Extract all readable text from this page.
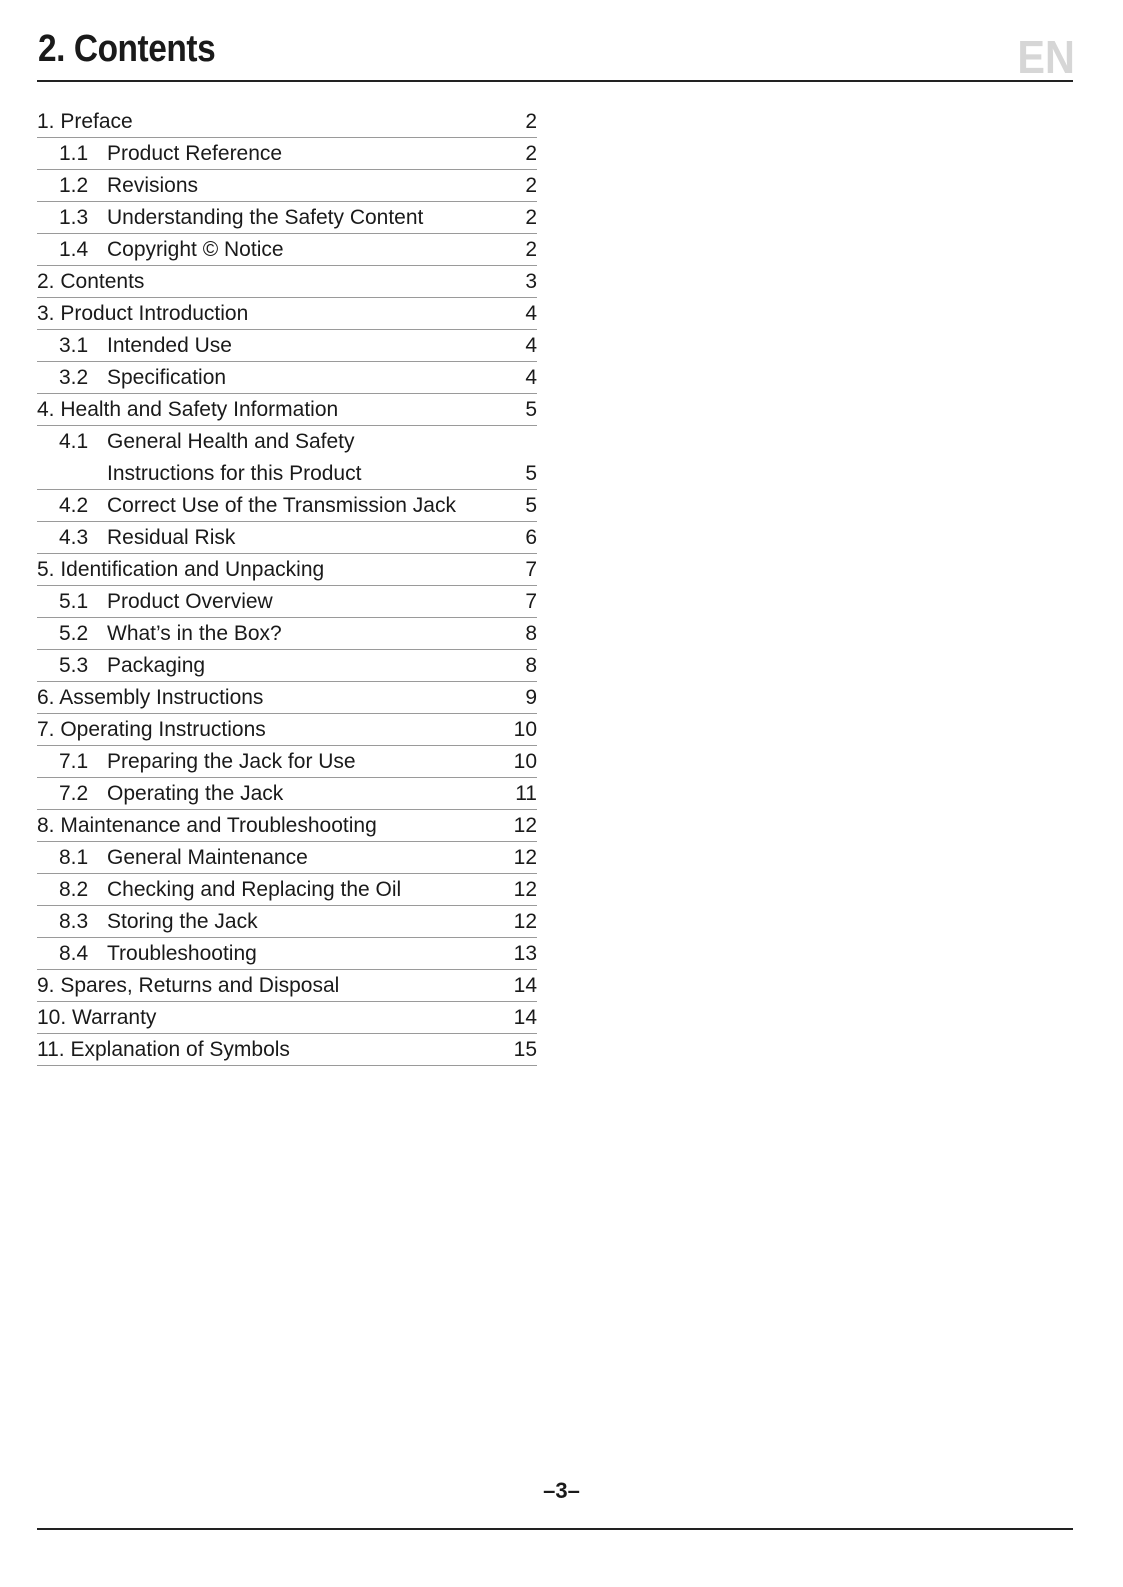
2. Contents	EN
1. Preface	2
1.1 Product Reference	2
1.2 Revisions	2
1.3 Understanding the Safety Content	2
1.4 Copyright © Notice	2
2. Contents	3
3. Product Introduction	4
3.1 Intended Use	4
3.2 Specification	4
4. Health and Safety Information	5
4.1 General Health and Safety
Instructions for this Product	5
4.2 Correct Use of the Transmission Jack	5
4.3 Residual Risk	6
5. Identification and Unpacking	7
5.1 Product Overview	7
5.2 What’s in the Box?	8
5.3 Packaging	8
6. Assembly Instructions	9
7. Operating Instructions	10
7.1 Preparing the Jack for Use	10
7.2 Operating the Jack	11
8. Maintenance and Troubleshooting	12
8.1 General Maintenance	12
8.2 Checking and Replacing the Oil	12
8.3 Storing the Jack	12
8.4 Troubleshooting	13
9. Spares, Returns and Disposal	14
10. Warranty	14
11. Explanation of Symbols	15
–3–
